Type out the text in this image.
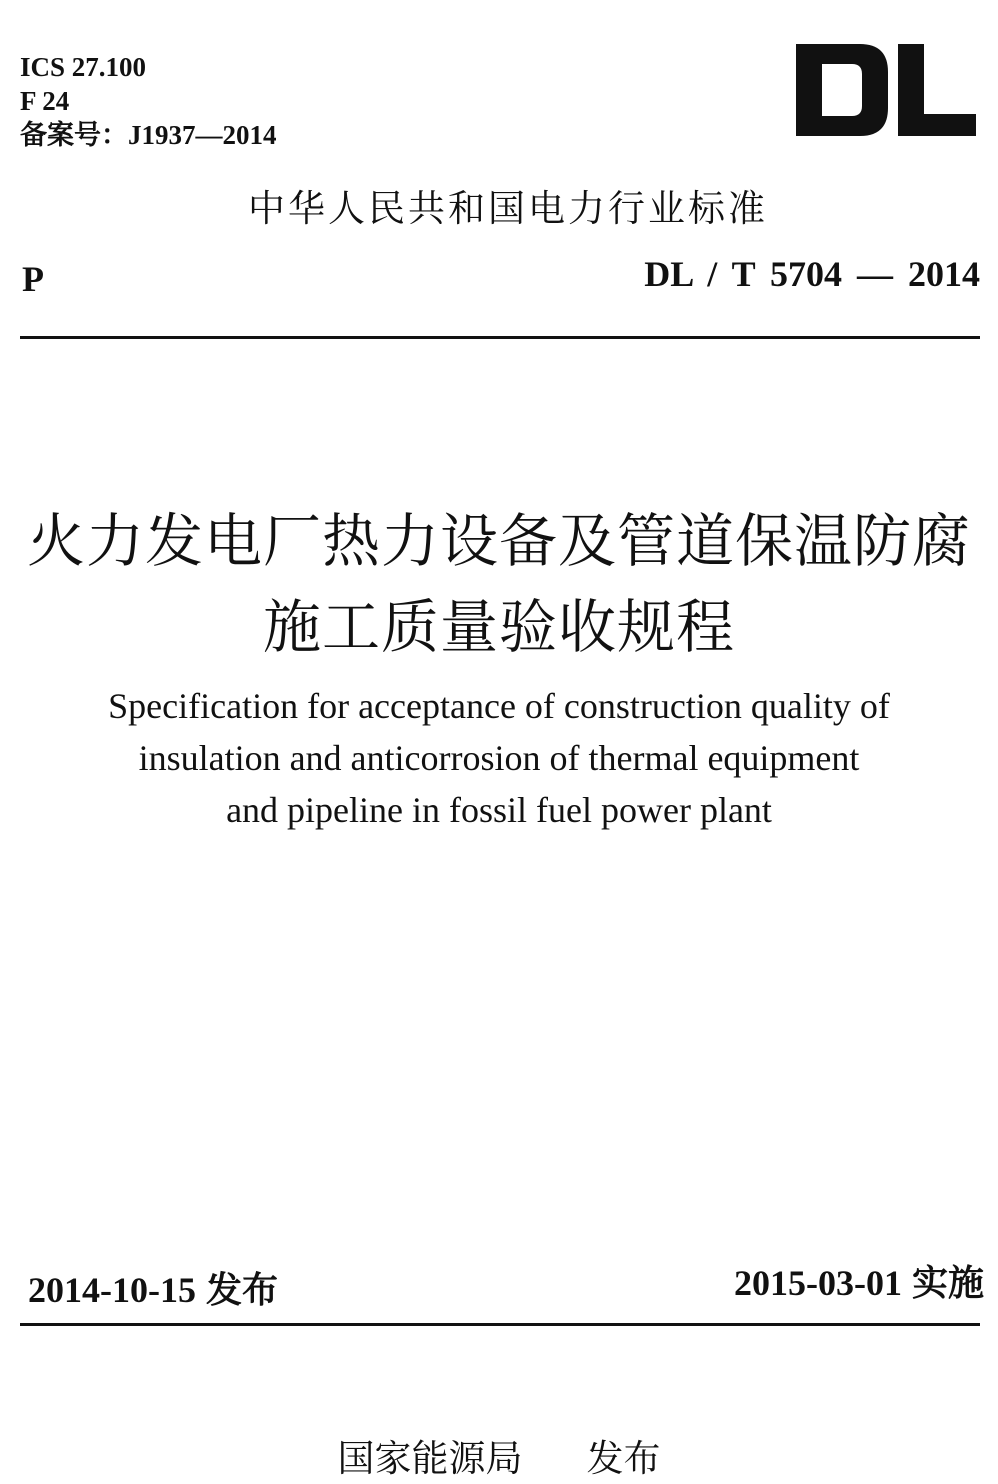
ICS 27.100
F 24
备案号：J1937—2014
中华人民共和国电力行业标准
P	DL / T 5704 — 2014
火力发电厂热力设备及管道保温防腐
施工质量验收规程
Specification for acceptance of construction quality of
insulation and anticorrosion of thermal equipment
and pipeline in fossil fuel power plant
2014-10-15 发布	2015-03-01 实施
国家能源局 发布
